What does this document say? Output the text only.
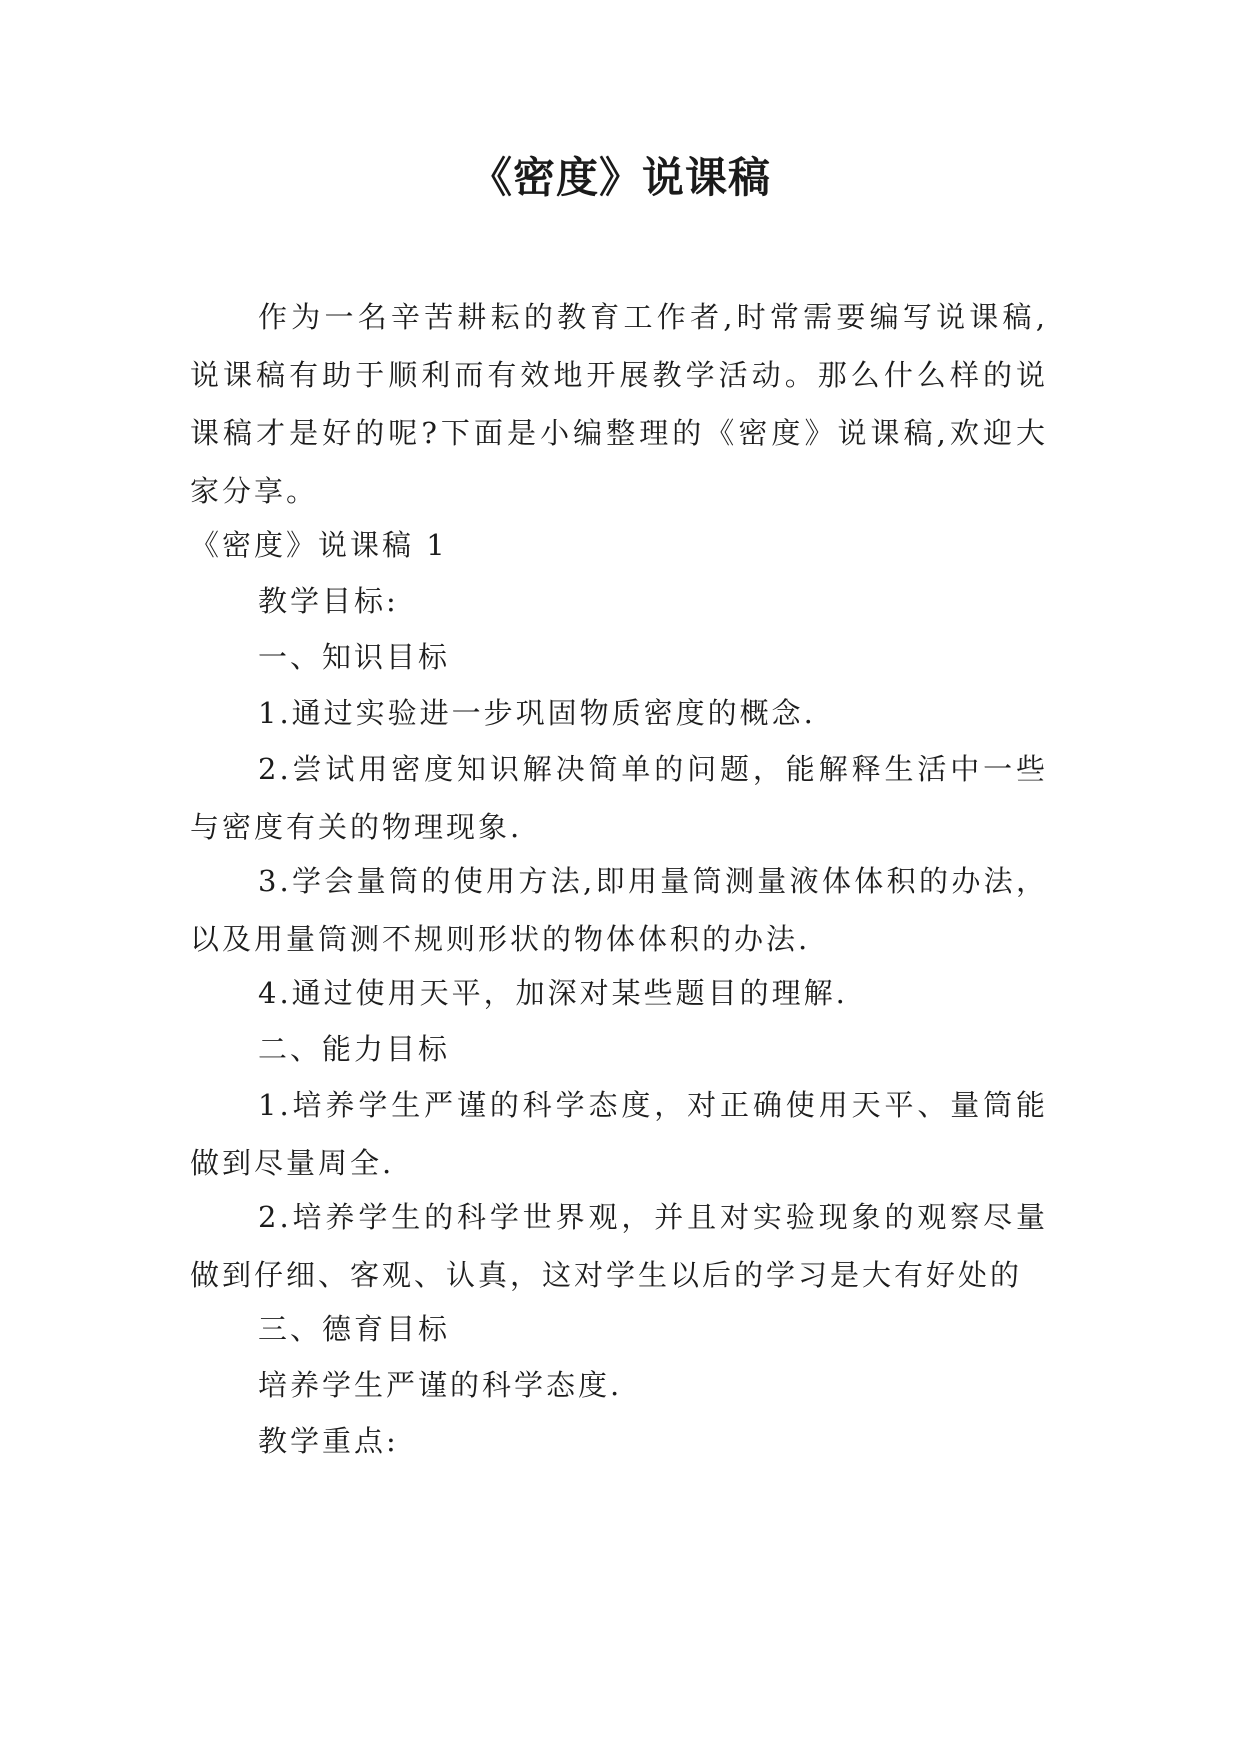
《密度》说课稿
作为一名辛苦耕耘的教育工作者,时常需要编写说课稿,说课稿有助于顺利而有效地开展教学活动。那么什么样的说课稿才是好的呢?下面是小编整理的《密度》说课稿,欢迎大家分享。
《密度》说课稿 1
教学目标:
一、知识目标
1.通过实验进一步巩固物质密度的概念.
2.尝试用密度知识解决简单的问题，能解释生活中一些与密度有关的物理现象.
3.学会量筒的使用方法,即用量筒测量液体体积的办法，以及用量筒测不规则形状的物体体积的办法.
4.通过使用天平，加深对某些题目的理解.
二、能力目标
1.培养学生严谨的科学态度，对正确使用天平、量筒能做到尽量周全.
2.培养学生的科学世界观，并且对实验现象的观察尽量做到仔细、客观、认真，这对学生以后的学习是大有好处的
三、德育目标
培养学生严谨的科学态度.
教学重点:
